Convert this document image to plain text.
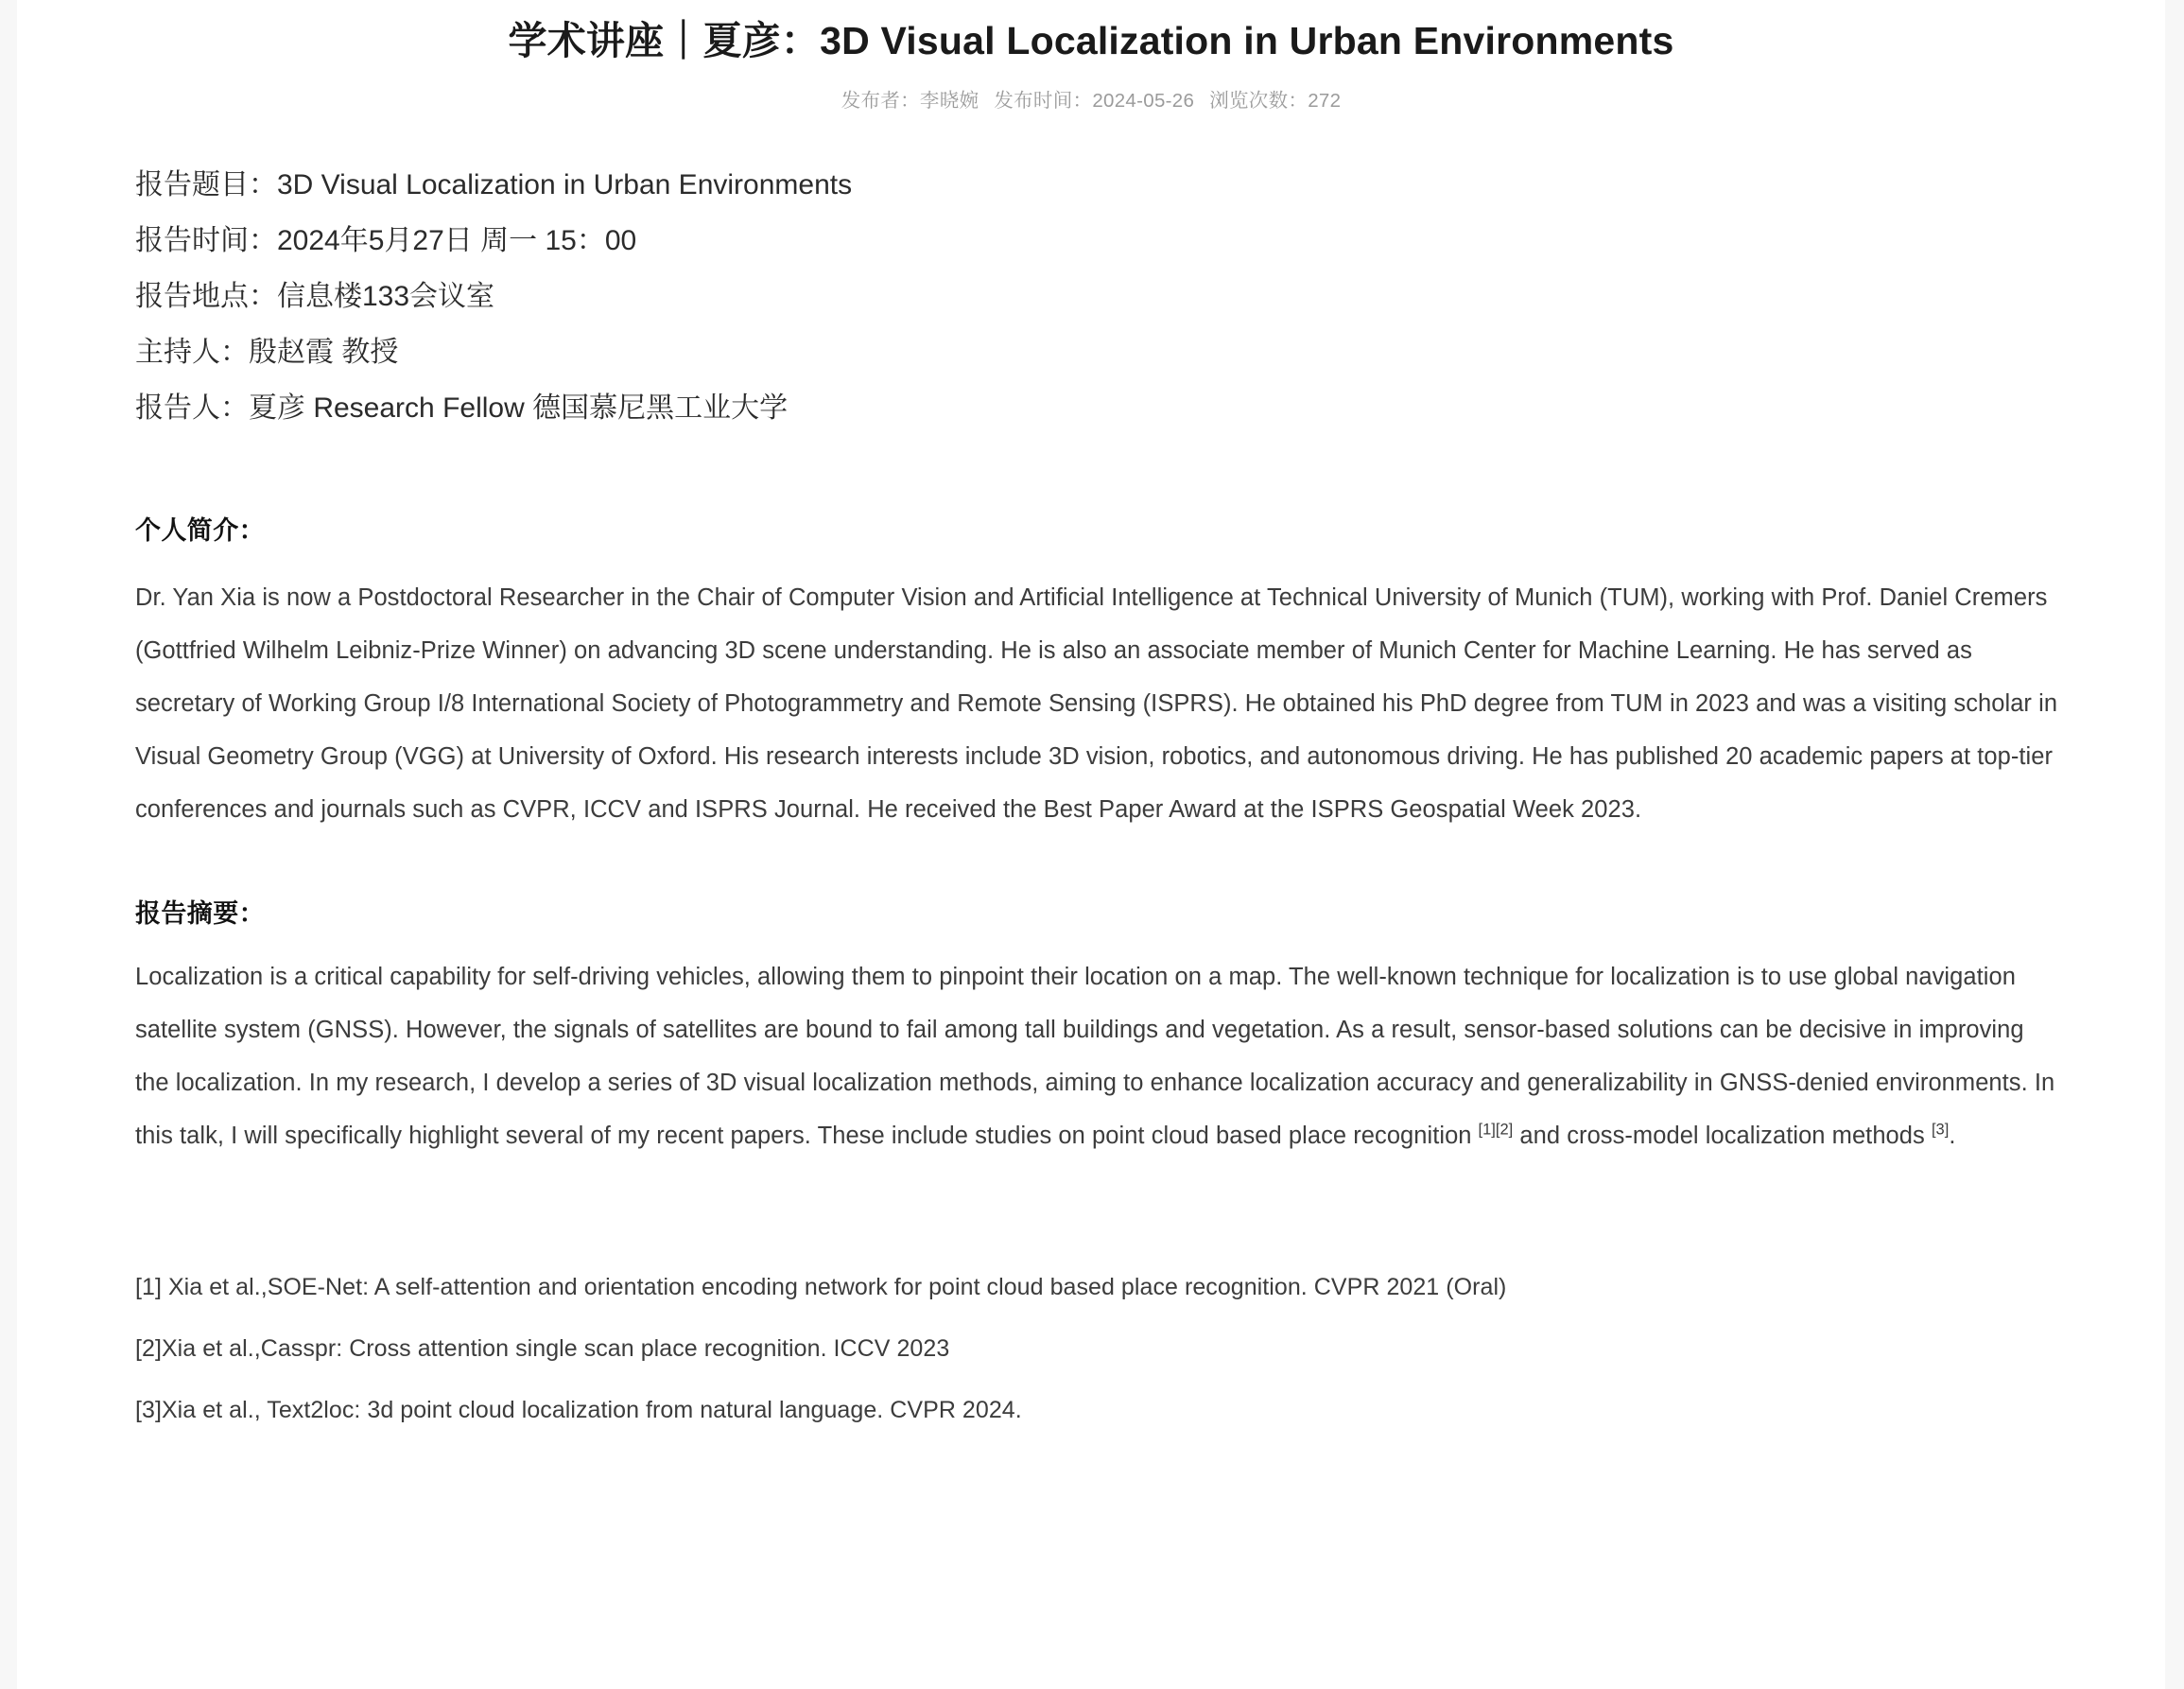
学术讲座｜夏彦：3D Visual Localization in Urban Environments
发布者：李晓婉 发布时间：2024-05-26 浏览次数：272
报告题目：3D Visual Localization in Urban Environments
报告时间：2024年5月27日 周一 15：00
报告地点：信息楼133会议室
主持人：殷赵霞 教授
报告人：夏彦 Research Fellow 德国慕尼黑工业大学
个人简介：

Dr. Yan Xia is now a Postdoctoral Researcher in the Chair of Computer Vision and Artificial Intelligence at Technical University of Munich (TUM), working with Prof. Daniel Cremers (Gottfried Wilhelm Leibniz-Prize Winner) on advancing 3D scene understanding. He is also an associate member of Munich Center for Machine Learning. He has served as secretary of Working Group I/8 International Society of Photogrammetry and Remote Sensing (ISPRS). He obtained his PhD degree from TUM in 2023 and was a visiting scholar in Visual Geometry Group (VGG) at University of Oxford. His research interests include 3D vision, robotics, and autonomous driving. He has published 20 academic papers at top-tier conferences and journals such as CVPR, ICCV and ISPRS Journal. He received the Best Paper Award at the ISPRS Geospatial Week 2023.

报告摘要：

Localization is a critical capability for self-driving vehicles, allowing them to pinpoint their location on a map. The well-known technique for localization is to use global navigation satellite system (GNSS). However, the signals of satellites are bound to fail among tall buildings and vegetation. As a result, sensor-based solutions can be decisive in improving the localization. In my research, I develop a series of 3D visual localization methods, aiming to enhance localization accuracy and generalizability in GNSS-denied environments. In this talk, I will specifically highlight several of my recent papers. These include studies on point cloud based place recognition [1][2] and cross-model localization methods [3].

[1] Xia et al.,SOE-Net: A self-attention and orientation encoding network for point cloud based place recognition. CVPR 2021 (Oral)
[2]Xia et al.,Casspr: Cross attention single scan place recognition. ICCV 2023
[3]Xia et al., Text2loc: 3d point cloud localization from natural language. CVPR 2024.
